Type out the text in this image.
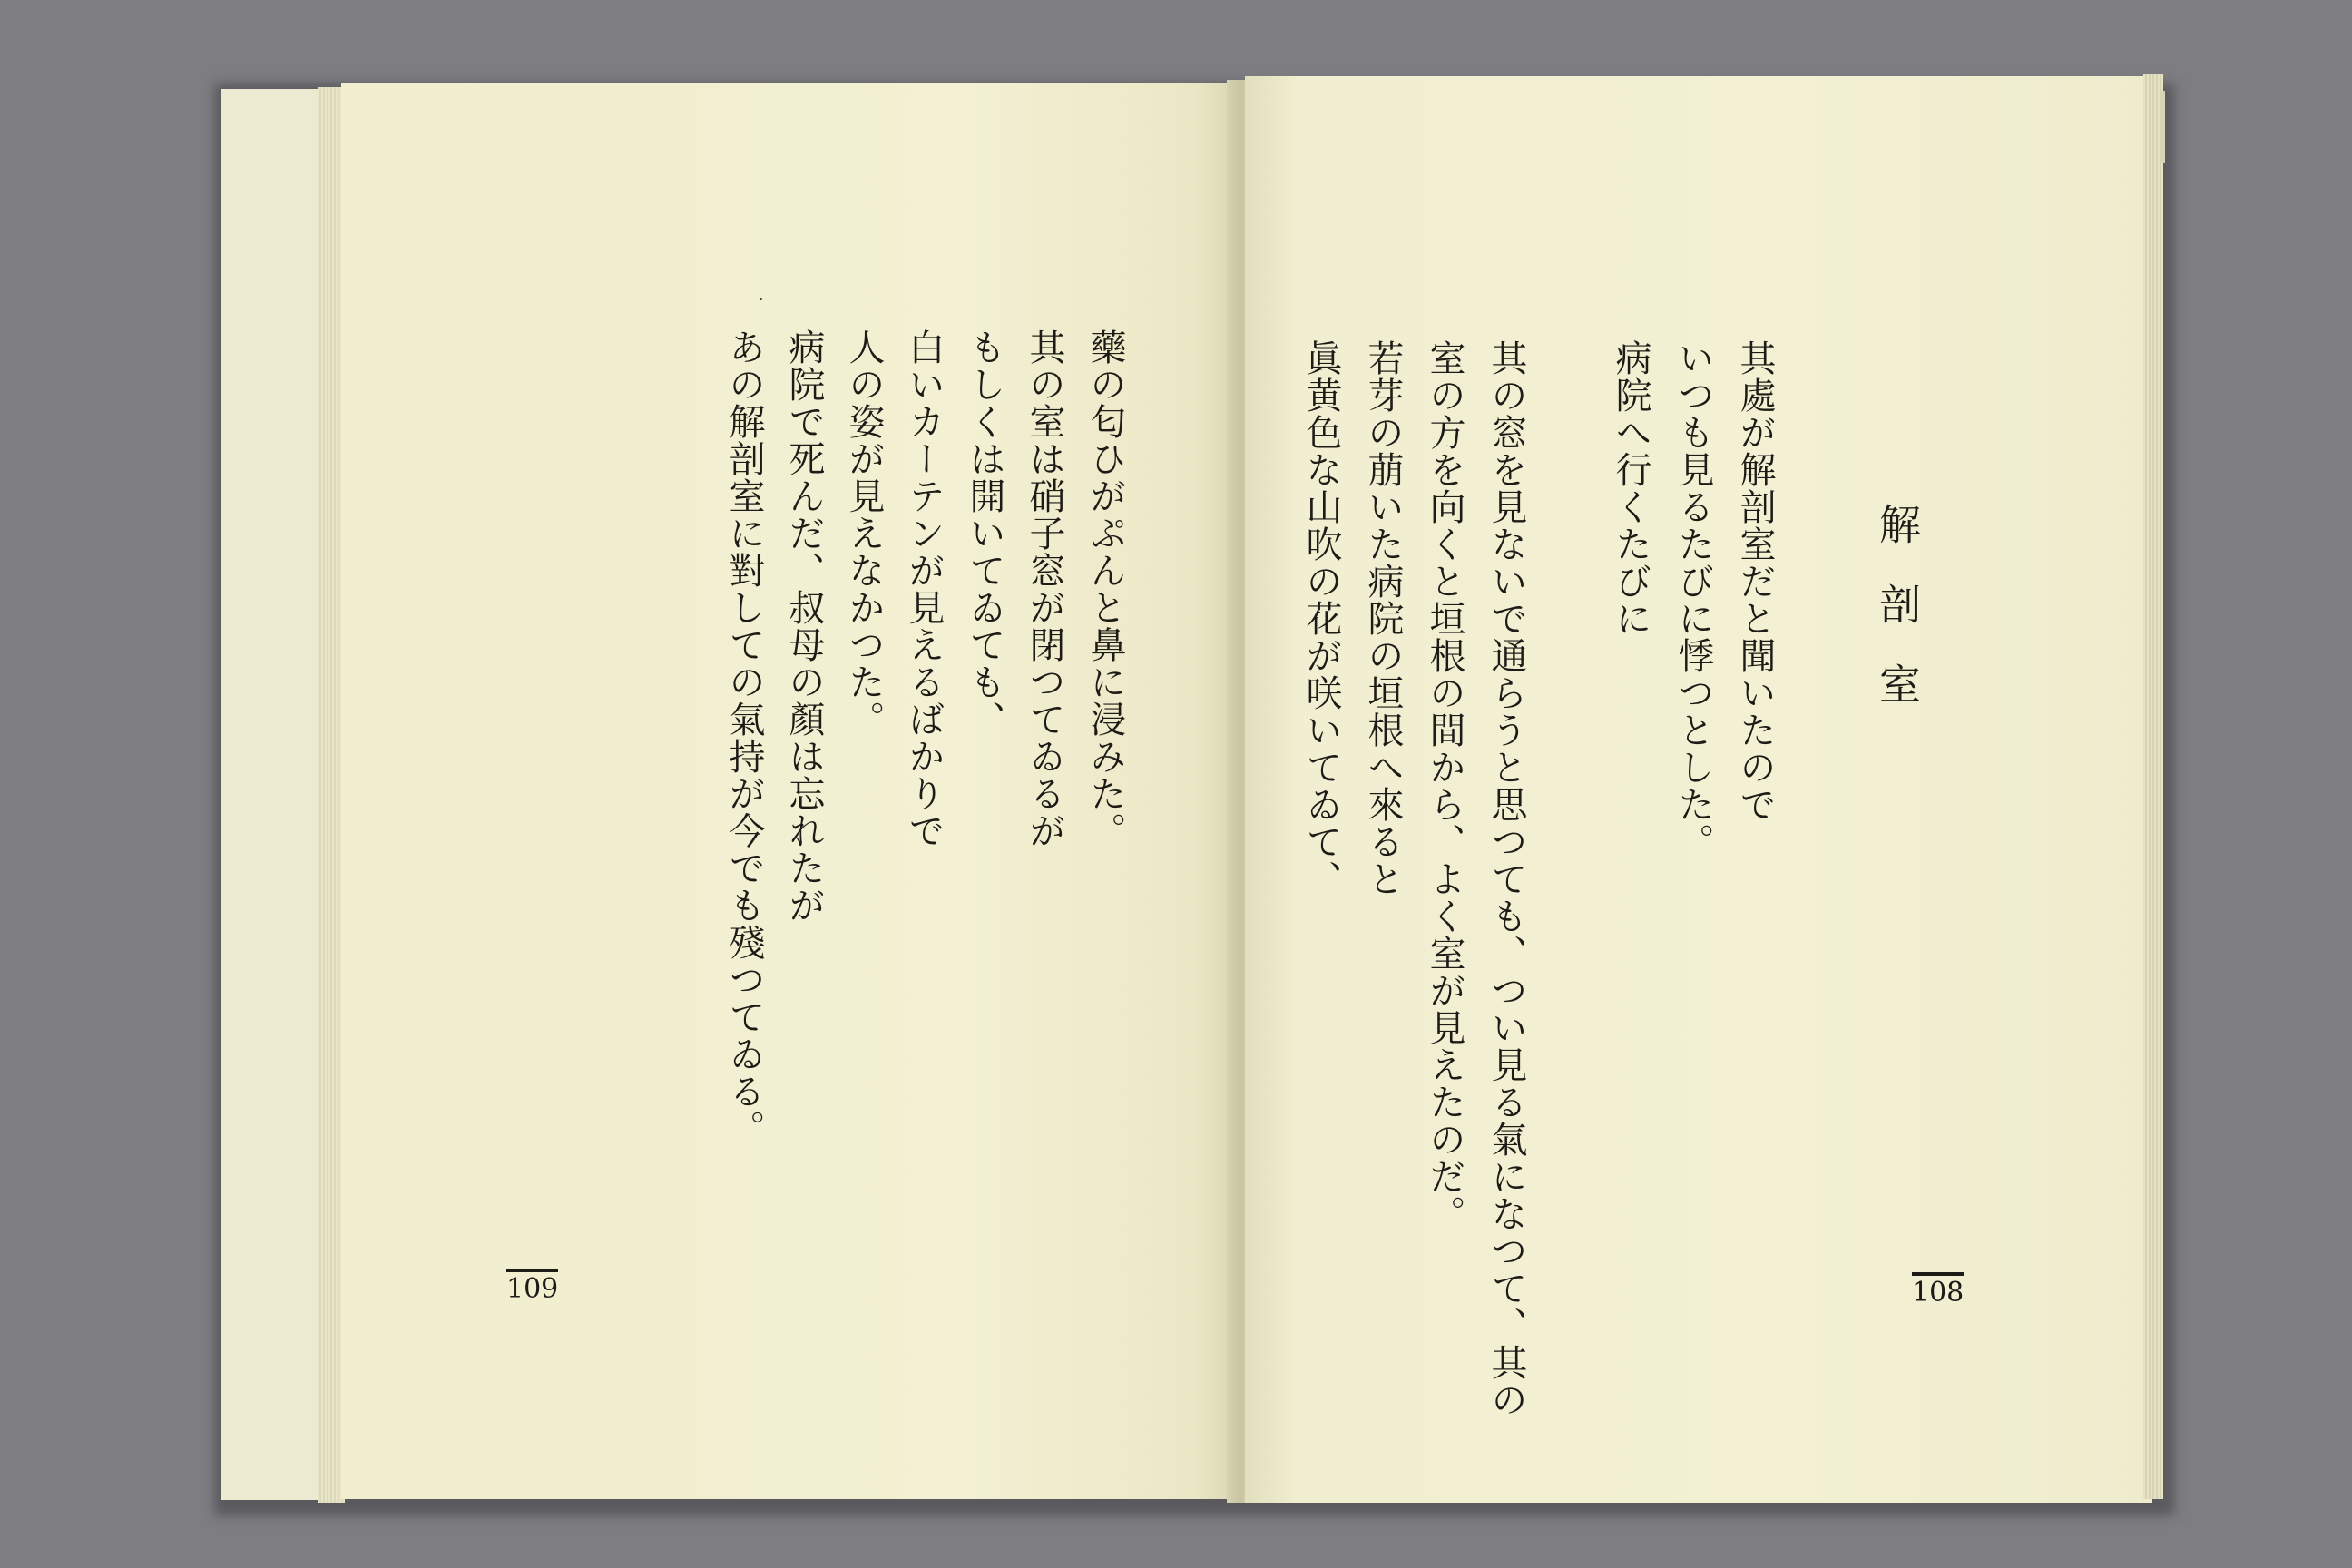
藥の匂ひがぷんと鼻に浸みた。
其の室は硝子窓が閉つてゐるが
もしくは開いてゐても、
白いカーテンが見えるばかりで
人の姿が見えなかつた。
病院で死んだ、叔母の顏は忘れたが
あの解剖室に對しての氣持が今でも殘つてゐる。
109
解剖室
其處が解剖室だと聞いたので
いつも見るたびに悸つとした。
病院へ行くたびに
其の窓を見ないで通らうと思つても、つい見る氣になつて、其の
室の方を向くと垣根の間から、よく室が見えたのだ。
若芽の萠いた病院の垣根へ來ると
眞黄色な山吹の花が咲いてゐて、
108
